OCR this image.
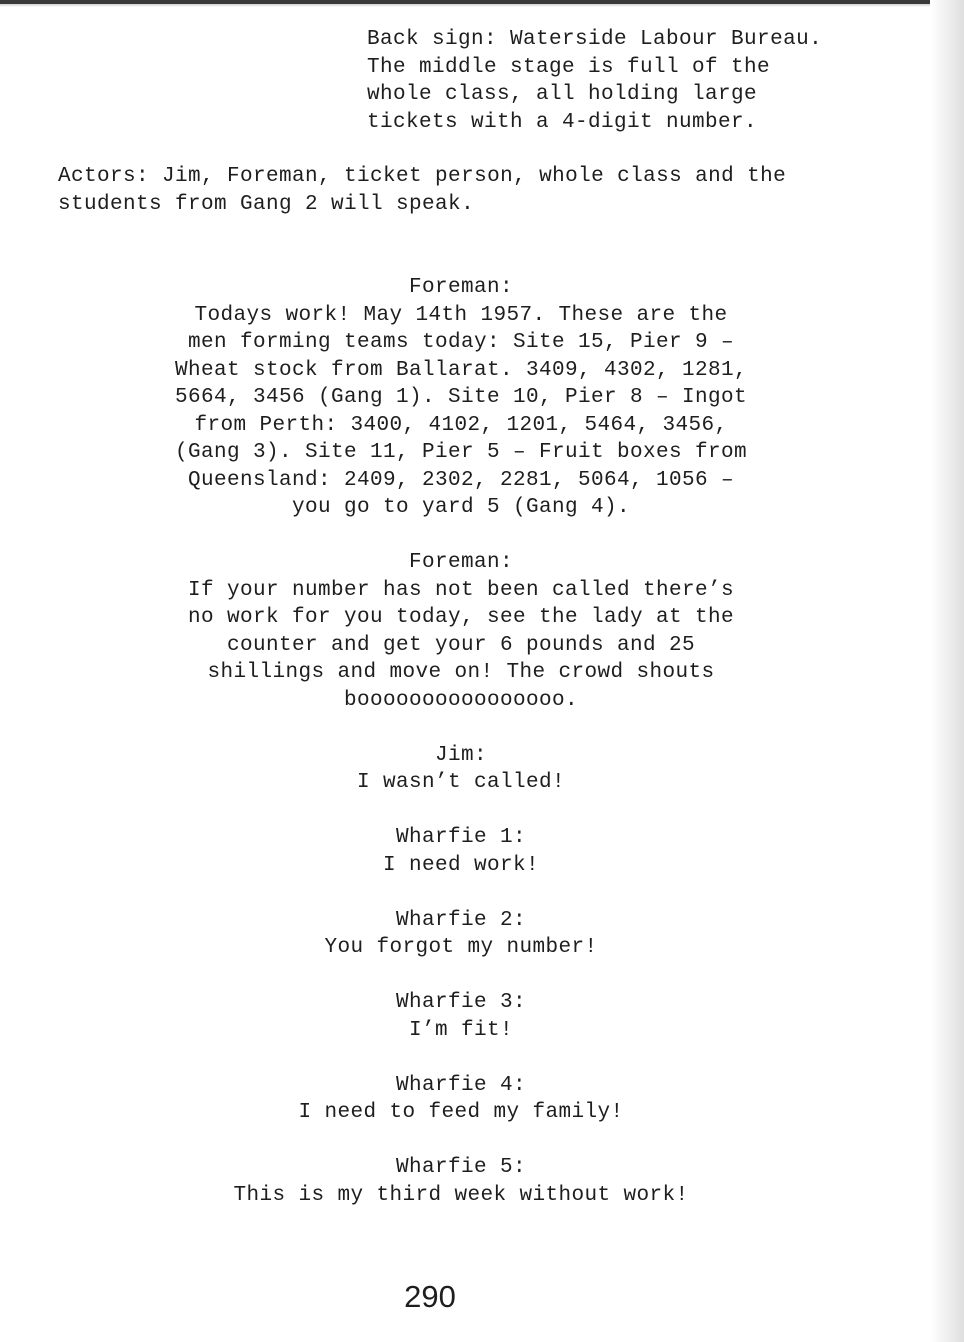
Back sign: Waterside Labour Bureau.
The middle stage is full of the
whole class, all holding large
tickets with a 4-digit number.
Actors: Jim, Foreman, ticket person, whole class and the
students from Gang 2 will speak.
Foreman:
Todays work! May 14th 1957. These are the
men forming teams today: Site 15, Pier 9 –
Wheat stock from Ballarat. 3409, 4302, 1281,
5664, 3456 (Gang 1). Site 10, Pier 8 – Ingot
from Perth: 3400, 4102, 1201, 5464, 3456,
(Gang 3). Site 11, Pier 5 – Fruit boxes from
Queensland: 2409, 2302, 2281, 5064, 1056 –
you go to yard 5 (Gang 4).
Foreman:
If your number has not been called there’s
no work for you today, see the lady at the
counter and get your 6 pounds and 25
shillings and move on! The crowd shouts
boooooooooooooooo.
Jim:
I wasn’t called!
Wharfie 1:
I need work!
Wharfie 2:
You forgot my number!
Wharfie 3:
I’m fit!
Wharfie 4:
I need to feed my family!
Wharfie 5:
This is my third week without work!
290
